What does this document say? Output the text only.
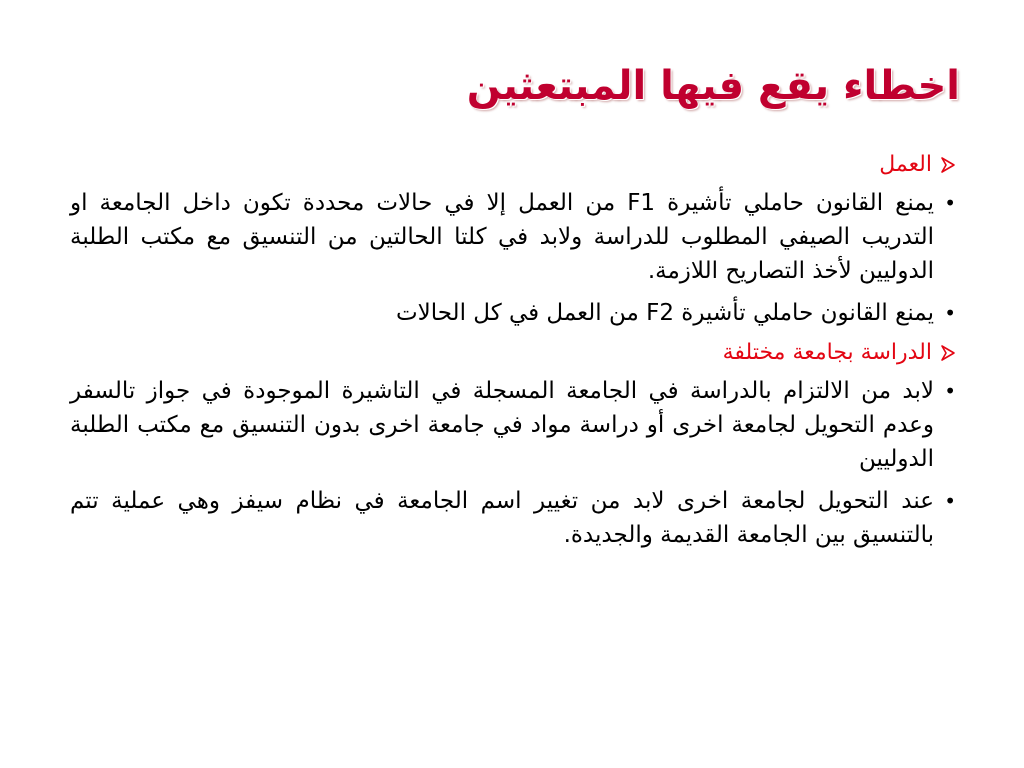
اخطاء يقع فيها المبتعثين
العمل
•
يمنع القانون حاملي تأشيرة F1 من العمل إلا في حالات محددة تكون داخل الجامعة او التدريب الصيفي المطلوب للدراسة ولابد في كلتا الحالتين من التنسيق مع مكتب الطلبة الدوليين لأخذ التصاريح اللازمة.
•
يمنع القانون حاملي تأشيرة F2 من العمل في كل الحالات
الدراسة بجامعة مختلفة
•
لابد من الالتزام بالدراسة في الجامعة المسجلة في التاشيرة الموجودة في جواز تالسفر وعدم التحويل لجامعة اخرى أو دراسة مواد في جامعة اخرى بدون التنسيق مع مكتب الطلبة الدوليين
•
عند التحويل لجامعة اخرى لابد من تغيير اسم الجامعة في نظام سيفز وهي عملية تتم بالتنسيق بين الجامعة القديمة والجديدة.
